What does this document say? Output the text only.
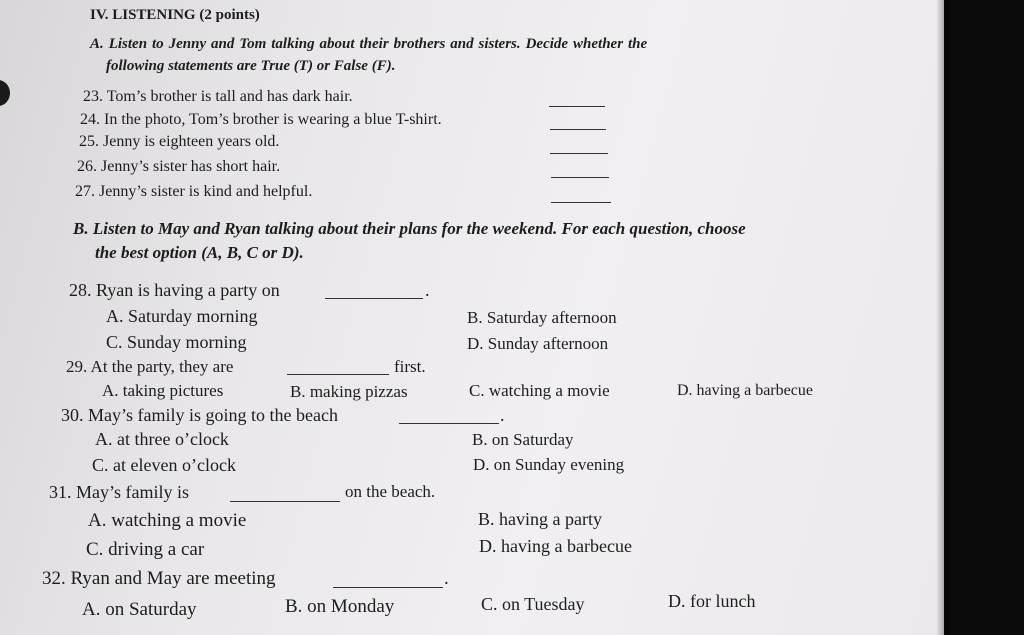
IV. LISTENING (2 points)
A. Listen to Jenny and Tom talking about their brothers and sisters. Decide whether the
following statements are True (T) or False (F).
23. Tom’s brother is tall and has dark hair.
24. In the photo, Tom’s brother is wearing a blue T-shirt.
25. Jenny is eighteen years old.
26. Jenny’s sister has short hair.
27. Jenny’s sister is kind and helpful.
B. Listen to May and Ryan talking about their plans for the weekend. For each question, choose
the best option (A, B, C or D).
28. Ryan is having a party on	.
A. Saturday morning	B. Saturday afternoon
C. Sunday morning	D. Sunday afternoon
29. At the party, they are	first.
A. taking pictures	B. making pizzas	C. watching a movie	D. having a barbecue
30. May’s family is going to the beach	.
A. at three o’clock	B. on Saturday
C. at eleven o’clock	D. on Sunday evening
31. May’s family is	on the beach.
A. watching a movie	B. having a party
C. driving a car	D. having a barbecue
32. Ryan and May are meeting	.
A. on Saturday	B. on Monday	C. on Tuesday	D. for lunch
